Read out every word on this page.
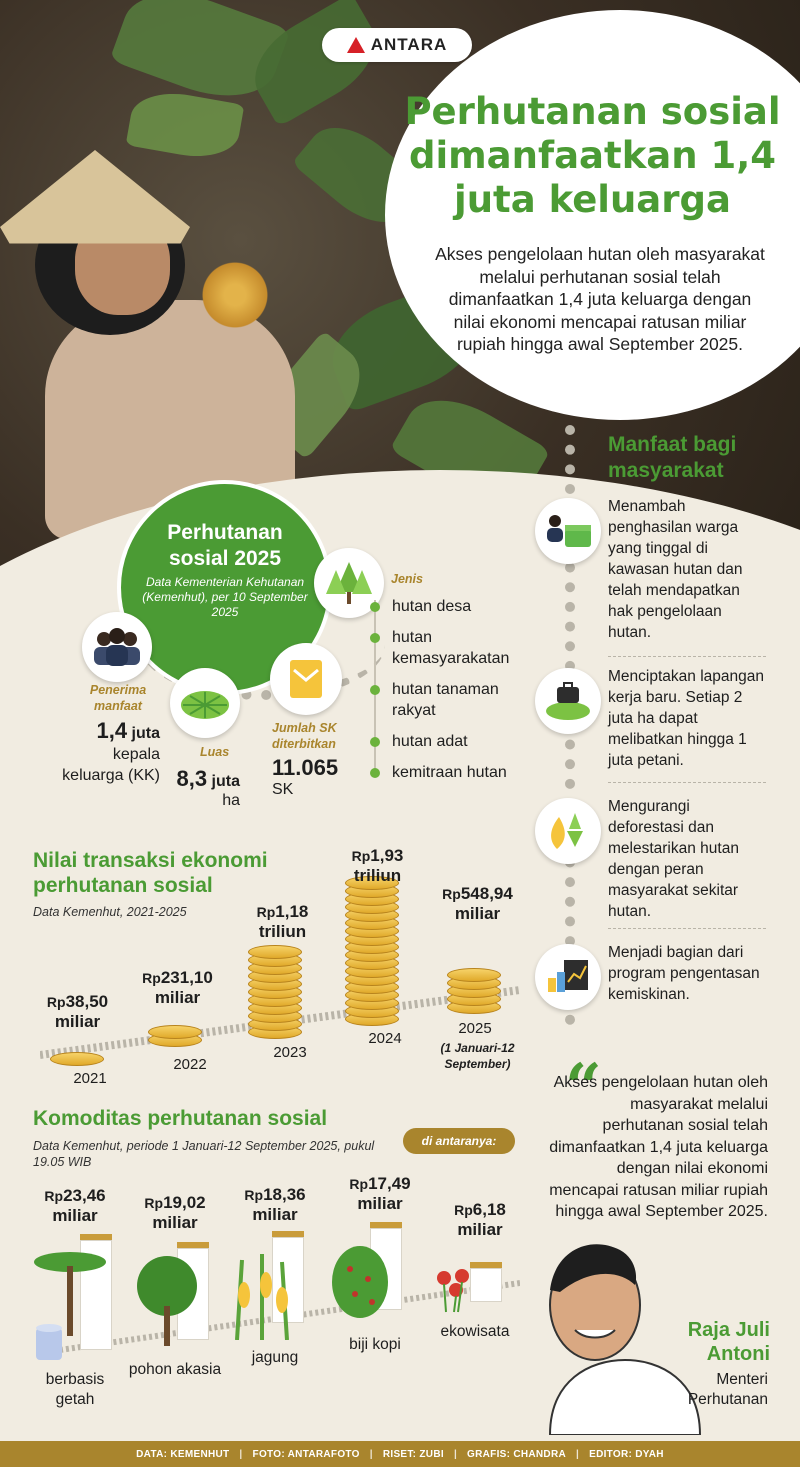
ANTARA
Perhutanan sosial dimanfaatkan 1,4 juta keluarga
Akses pengelolaan hutan oleh masyarakat melalui perhutanan sosial telah dimanfaatkan 1,4 juta keluarga dengan nilai ekonomi mencapai ratusan miliar rupiah hingga awal September 2025.
Perhutanan sosial 2025
Data Kementerian Kehutanan (Kemenhut), per 10 September 2025
Penerima manfaat
1,4 juta
kepala keluarga (KK)
Luas
8,3 juta
ha
Jumlah SK diterbitkan
11.065
SK
Jenis
hutan desa
hutan kemasyarakatan
hutan tanaman rakyat
hutan adat
kemitraan hutan
Manfaat bagi masyarakat
Menambah penghasilan warga yang tinggal di kawasan hutan dan telah mendapatkan hak pengelolaan hutan.
Menciptakan lapangan kerja baru. Setiap 2 juta ha dapat melibatkan hingga 1 juta petani.
Mengurangi deforestasi dan melestarikan hutan dengan peran masyarakat sekitar hutan.
Menjadi bagian dari program pengentasan kemiskinan.
Nilai transaksi ekonomi perhutanan sosial
Data Kemenhut, 2021-2025
Rp38,50
miliar
2021
Rp231,10
miliar
2022
Rp1,18
triliun
2023
Rp1,93
triliun
2024
Rp548,94
miliar
2025
(1 Januari-12 September)
Komoditas perhutanan sosial
Data Kemenhut, periode 1 Januari-12 September 2025, pukul 19.05 WIB
di antaranya:
Rp23,46
miliar
berbasis getah
Rp19,02
miliar
pohon akasia
Rp18,36
miliar
jagung
Rp17,49
miliar
biji kopi
Rp6,18
miliar
ekowisata
“
Akses pengelolaan hutan oleh masyarakat melalui perhutanan sosial telah dimanfaatkan 1,4 juta keluarga dengan nilai ekonomi mencapai ratusan miliar rupiah hingga awal September 2025.
Raja Juli Antoni
Menteri Perhutanan
DATA: KEMENHUT | FOTO: ANTARAFOTO | RISET: ZUBI | GRAFIS: CHANDRA | EDITOR: DYAH
